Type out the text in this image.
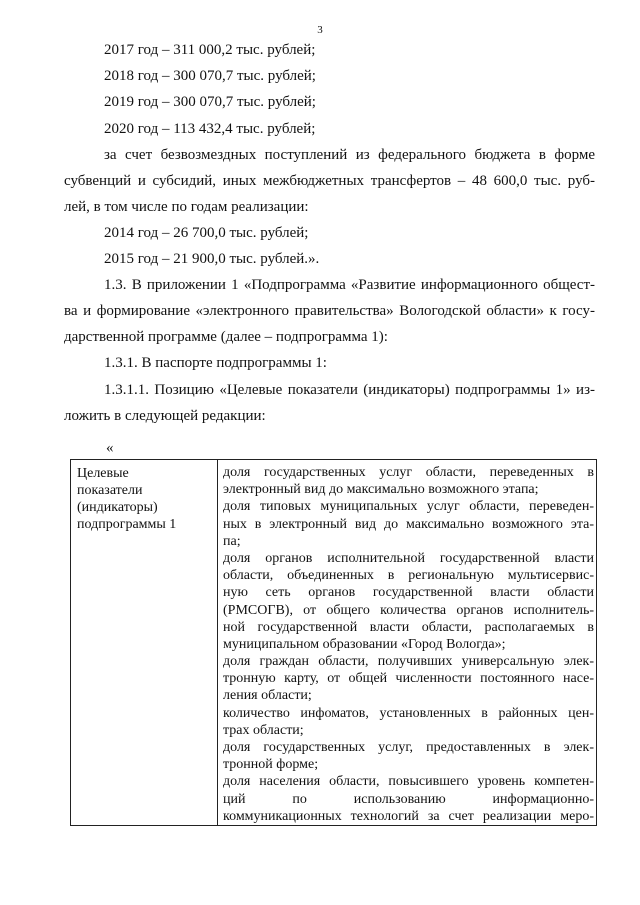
3
2017 год – 311 000,2 тыс. рублей;
2018 год – 300 070,7 тыс. рублей;
2019 год – 300 070,7 тыс. рублей;
2020 год – 113 432,4 тыс. рублей;
за счет безвозмездных поступлений из федерального бюджета в форме
субвенций и субсидий, иных межбюджетных трансфертов – 48 600,0 тыс. руб-
лей, в том числе по годам реализации:
2014 год – 26 700,0 тыс. рублей;
2015 год – 21 900,0 тыс. рублей.».
1.3. В приложении 1 «Подпрограмма «Развитие информационного общест-
ва и формирование «электронного правительства» Вологодской области» к госу-
дарственной программе (далее – подпрограмма 1):
1.3.1. В паспорте подпрограммы 1:
1.3.1.1. Позицию «Целевые показатели (индикаторы) подпрограммы 1» из-
ложить в следующей редакции:
«
Целевые
показатели
(индикаторы)
подпрограммы 1

доля государственных услуг области, переведенных в
электронный вид до максимально возможного этапа;
доля типовых муниципальных услуг области, переведен-
ных в электронный вид до максимально возможного эта-
па;
доля органов исполнительной государственной власти
области, объединенных в региональную мультисервис-
ную сеть органов государственной власти области
(РМСОГВ), от общего количества органов исполнитель-
ной государственной власти области, располагаемых в
муниципальном образовании «Город Вологда»;
доля граждан области, получивших универсальную элек-
тронную карту, от общей численности постоянного насе-
ления области;
количество инфоматов, установленных в районных цен-
трах области;
доля государственных услуг, предоставленных в элек-
тронной форме;
доля населения области, повысившего уровень компетен-
ций по использованию информационно-
коммуникационных технологий за счет реализации меро-
